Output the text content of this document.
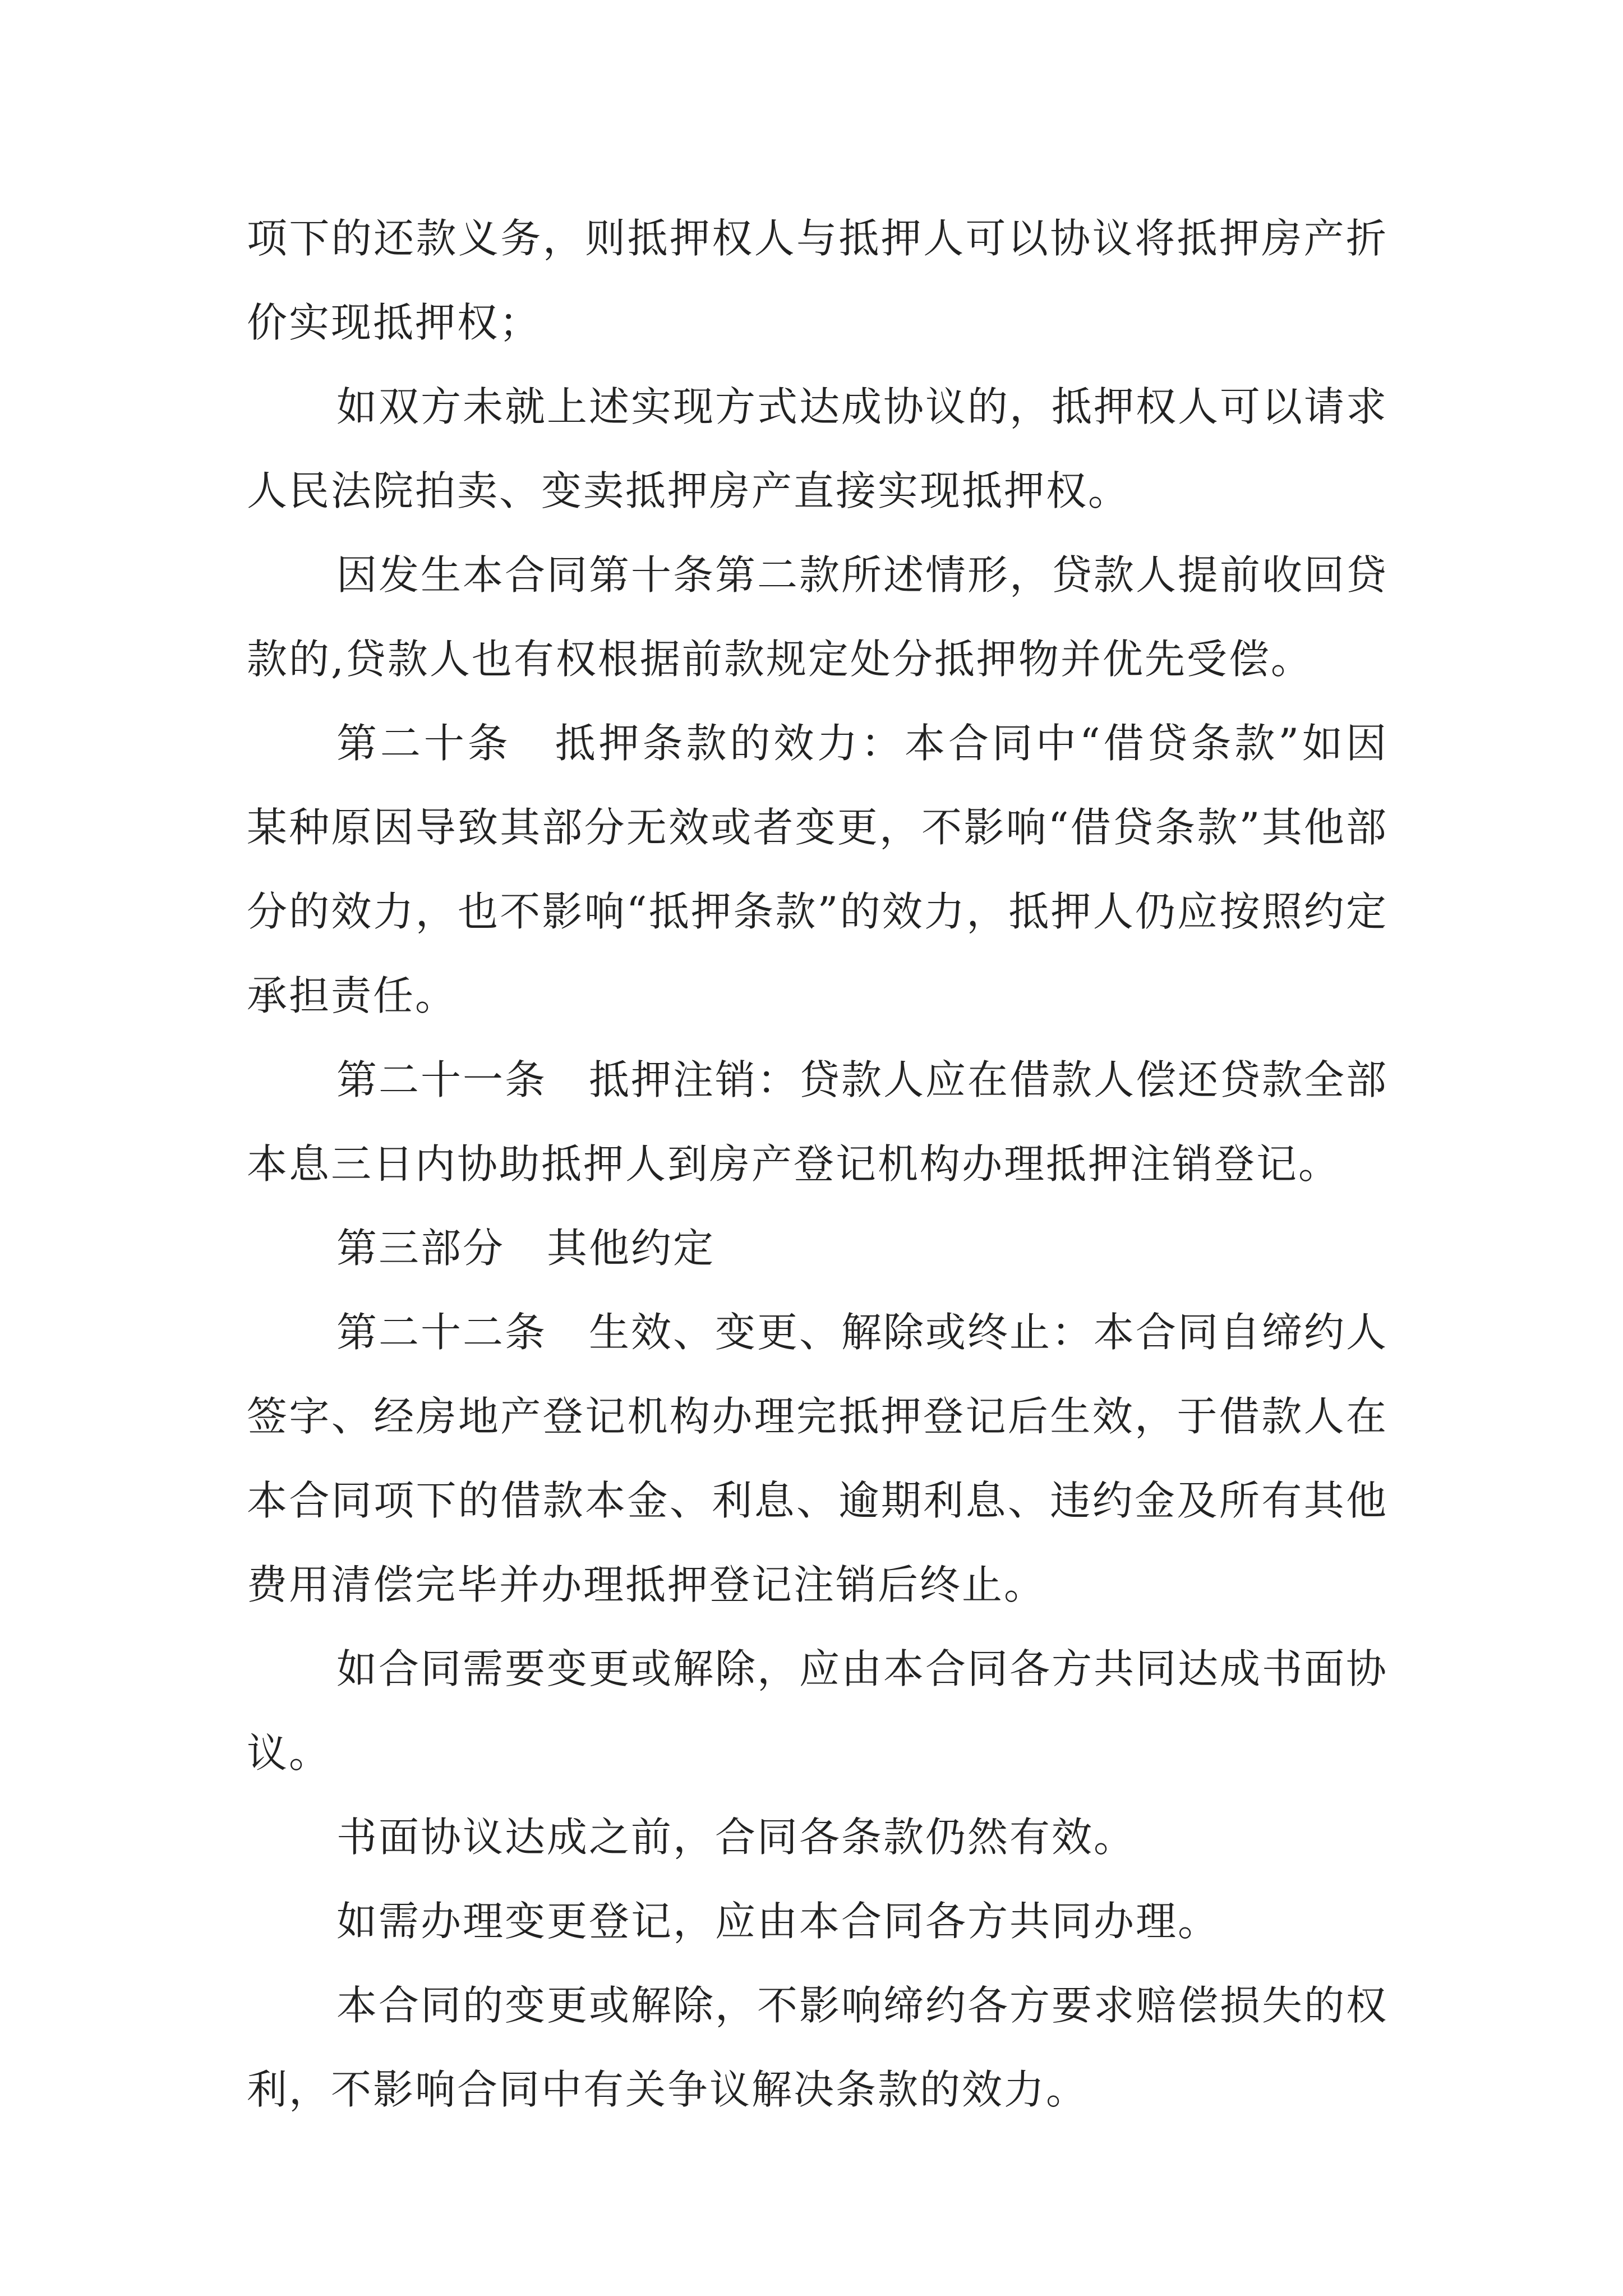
项下的还款义务，则抵押权人与抵押人可以协议将抵押房产折价实现抵押权；

如双方未就上述实现方式达成协议的，抵押权人可以请求人民法院拍卖、变卖抵押房产直接实现抵押权。

因发生本合同第十条第二款所述情形，贷款人提前收回贷款的,贷款人也有权根据前款规定处分抵押物并优先受偿。

第二十条　抵押条款的效力：本合同中“借贷条款”如因某种原因导致其部分无效或者变更，不影响“借贷条款”其他部分的效力，也不影响“抵押条款”的效力，抵押人仍应按照约定承担责任。

第二十一条　抵押注销：贷款人应在借款人偿还贷款全部本息三日内协助抵押人到房产登记机构办理抵押注销登记。

第三部分　其他约定

第二十二条　生效、变更、解除或终止：本合同自缔约人签字、经房地产登记机构办理完抵押登记后生效，于借款人在本合同项下的借款本金、利息、逾期利息、违约金及所有其他费用清偿完毕并办理抵押登记注销后终止。

如合同需要变更或解除，应由本合同各方共同达成书面协议。

书面协议达成之前，合同各条款仍然有效。

如需办理变更登记，应由本合同各方共同办理。

本合同的变更或解除，不影响缔约各方要求赔偿损失的权利，不影响合同中有关争议解决条款的效力。
